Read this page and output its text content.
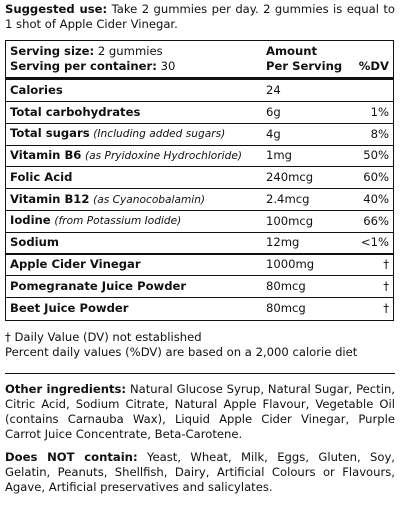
Suggested use: Take 2 gummies per day. 2 gummies is equal to 1 shot of Apple Cider Vinegar.

Serving size: 2 gummies
Serving per container: 30
Amount
Per Serving	%DV
Calories	24
Total carbohydrates	6g	1%
Total sugars (Including added sugars)	4g	8%
Vitamin B6 (as Pryidoxine Hydrochloride)	1mg	50%
Folic Acid	240mcg	60%
Vitamin B12 (as Cyanocobalamin)	2.4mcg	40%
Iodine (from Potassium Iodide)	100mcg	66%
Sodium	12mg	<1%
Apple Cider Vinegar	1000mg	†
Pomegranate Juice Powder	80mcg	†
Beet Juice Powder	80mcg	†

† Daily Value (DV) not established

Percent daily values (%DV) are based on a 2,000 calorie diet

Other ingredients: Natural Glucose Syrup, Natural Sugar, Pectin, Citric Acid, Sodium Citrate, Natural Apple Flavour, Vegetable Oil (contains Carnauba Wax), Liquid Apple Cider Vinegar, Purple Carrot Juice Concentrate, Beta-Carotene.

Does NOT contain: Yeast, Wheat, Milk, Eggs, Gluten, Soy, Gelatin, Peanuts, Shellfish, Dairy, Artificial Colours or Flavours, Agave, Artificial preservatives and salicylates.
